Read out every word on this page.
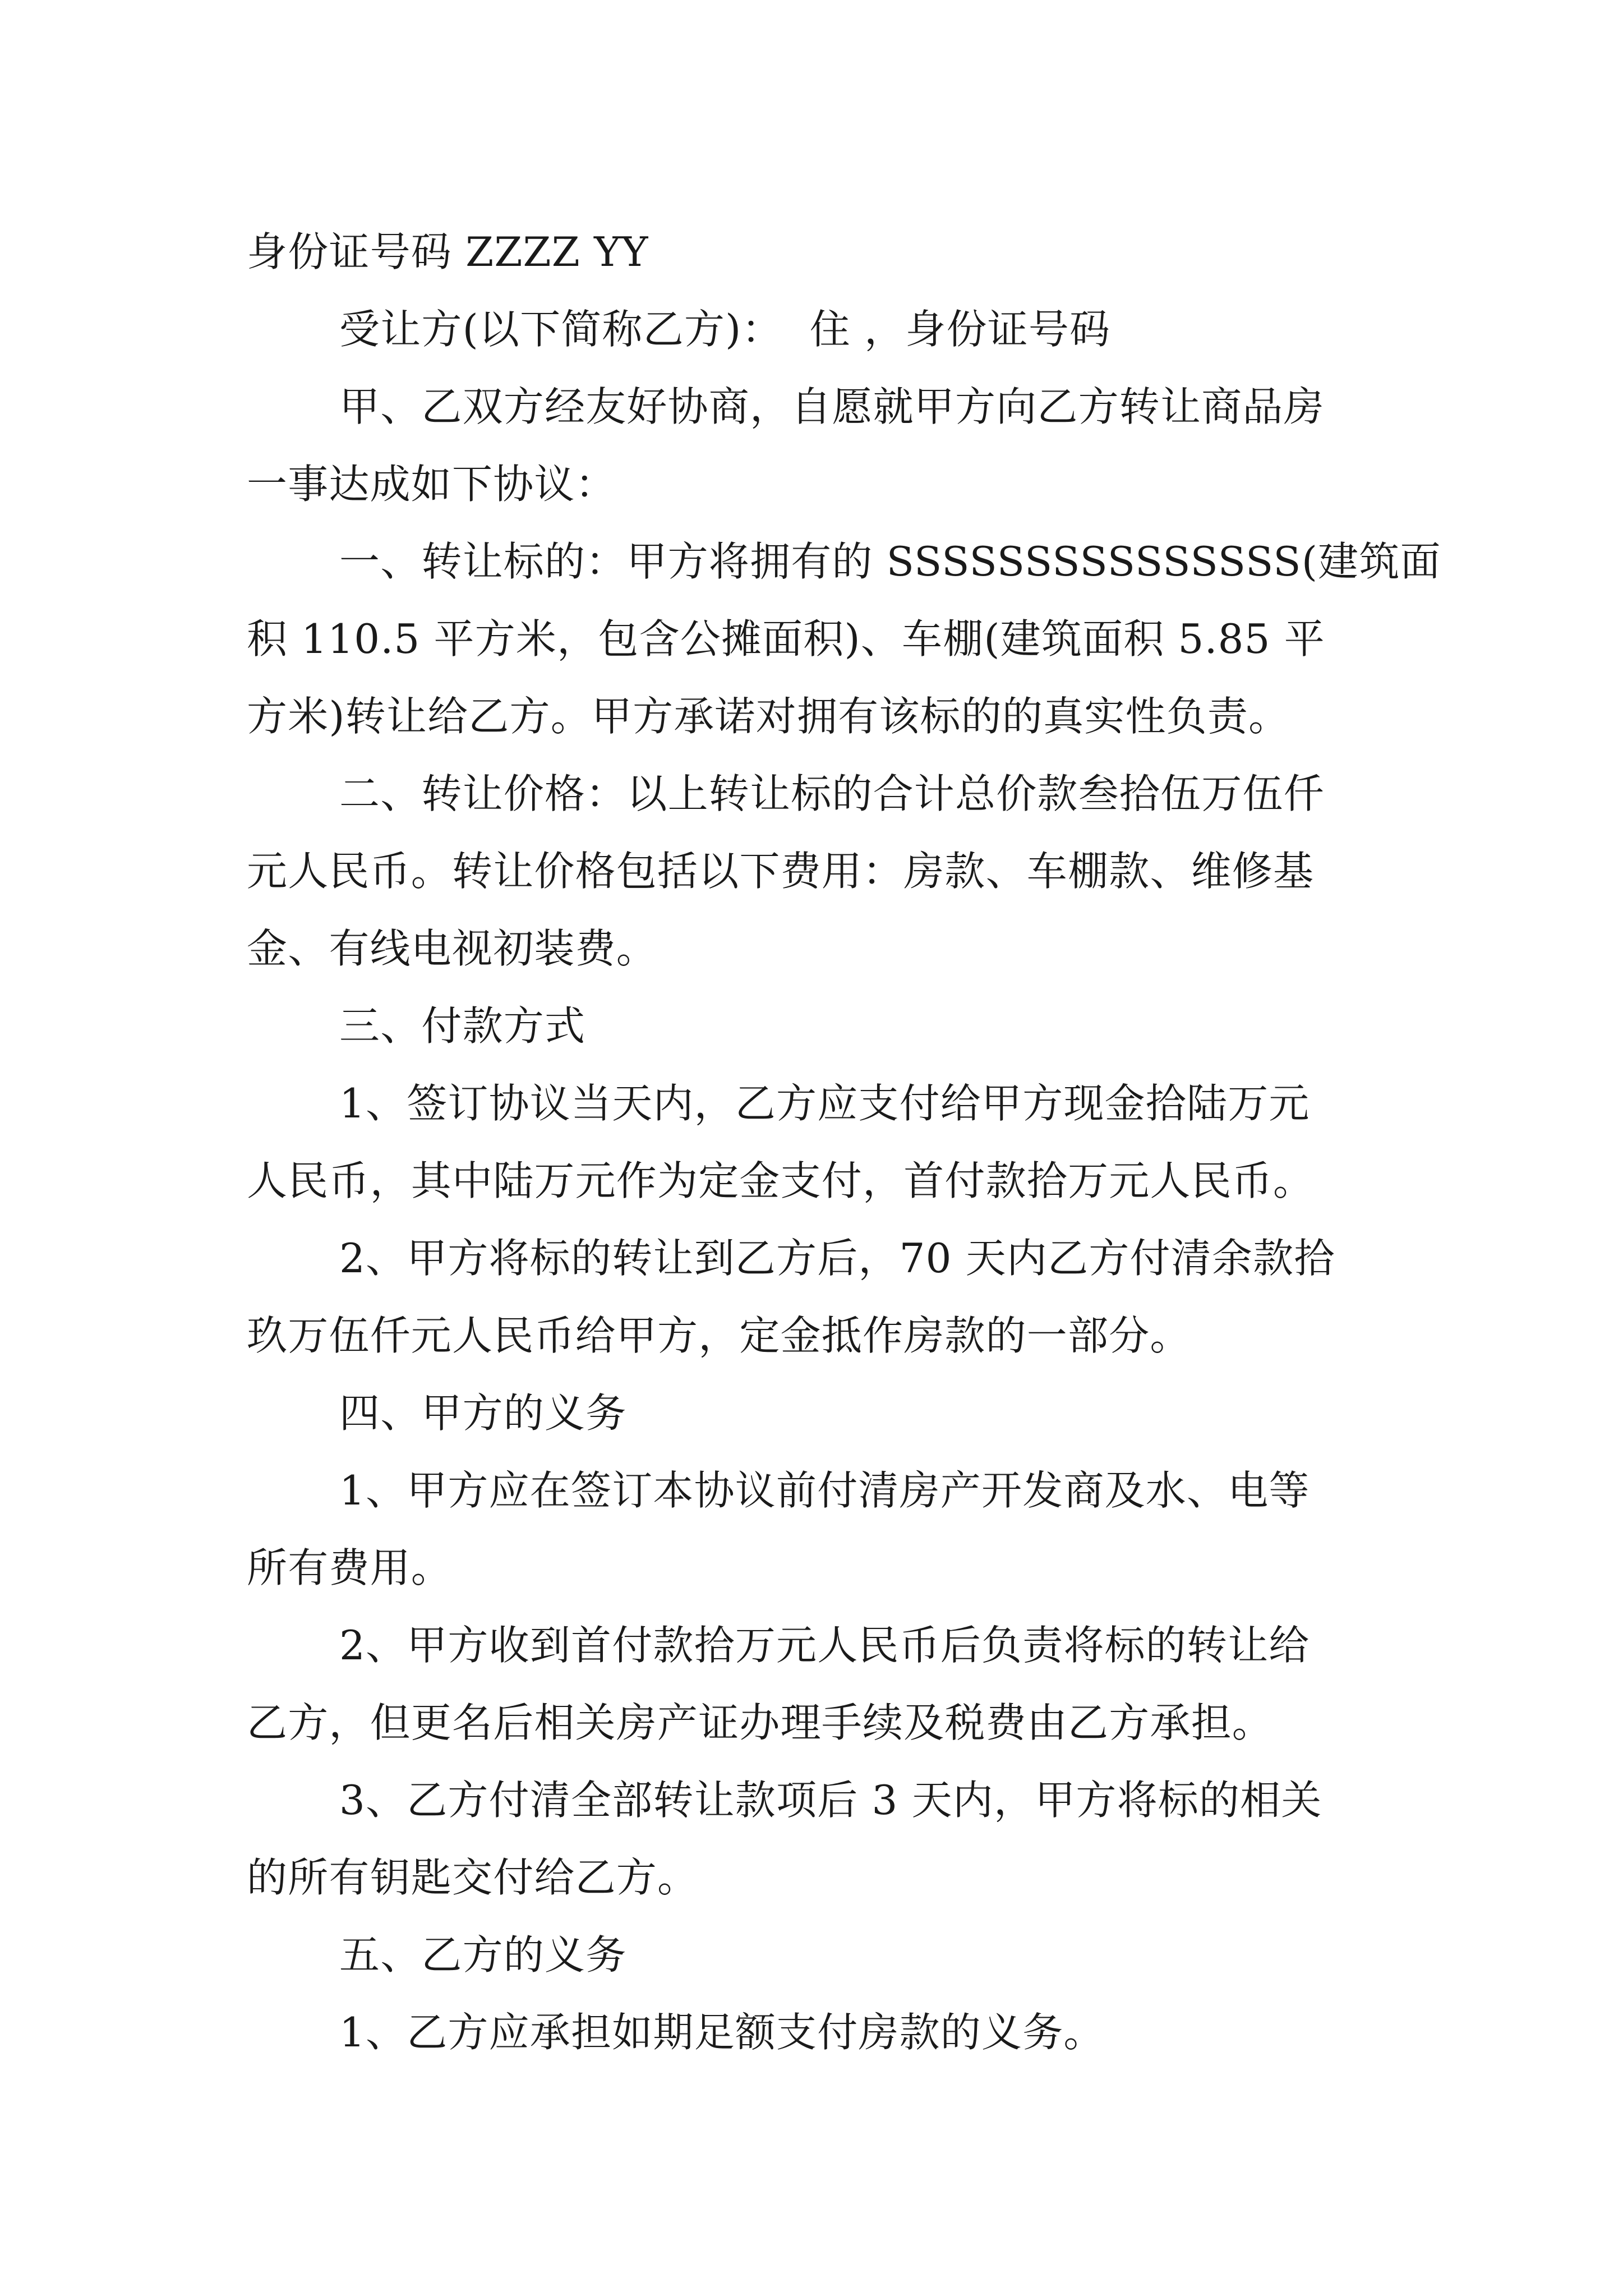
身份证号码 ZZZZ YY
受让方(以下简称乙方)：  住 ，身份证号码
甲、乙双方经友好协商，自愿就甲方向乙方转让商品房
一事达成如下协议：
一、转让标的：甲方将拥有的 SSSSSSSSSSSSSSS(建筑面
积 110.5 平方米，包含公摊面积)、车棚(建筑面积 5.85 平
方米)转让给乙方。甲方承诺对拥有该标的的真实性负责。
二、转让价格：以上转让标的合计总价款叁拾伍万伍仟
元人民币。转让价格包括以下费用：房款、车棚款、维修基
金、有线电视初装费。
三、付款方式
1、签订协议当天内，乙方应支付给甲方现金拾陆万元
人民币，其中陆万元作为定金支付，首付款拾万元人民币。
2、甲方将标的转让到乙方后，70 天内乙方付清余款拾
玖万伍仟元人民币给甲方，定金抵作房款的一部分。
四、甲方的义务
1、甲方应在签订本协议前付清房产开发商及水、电等
所有费用。
2、甲方收到首付款拾万元人民币后负责将标的转让给
乙方，但更名后相关房产证办理手续及税费由乙方承担。
3、乙方付清全部转让款项后 3 天内，甲方将标的相关
的所有钥匙交付给乙方。
五、乙方的义务
1、乙方应承担如期足额支付房款的义务。
